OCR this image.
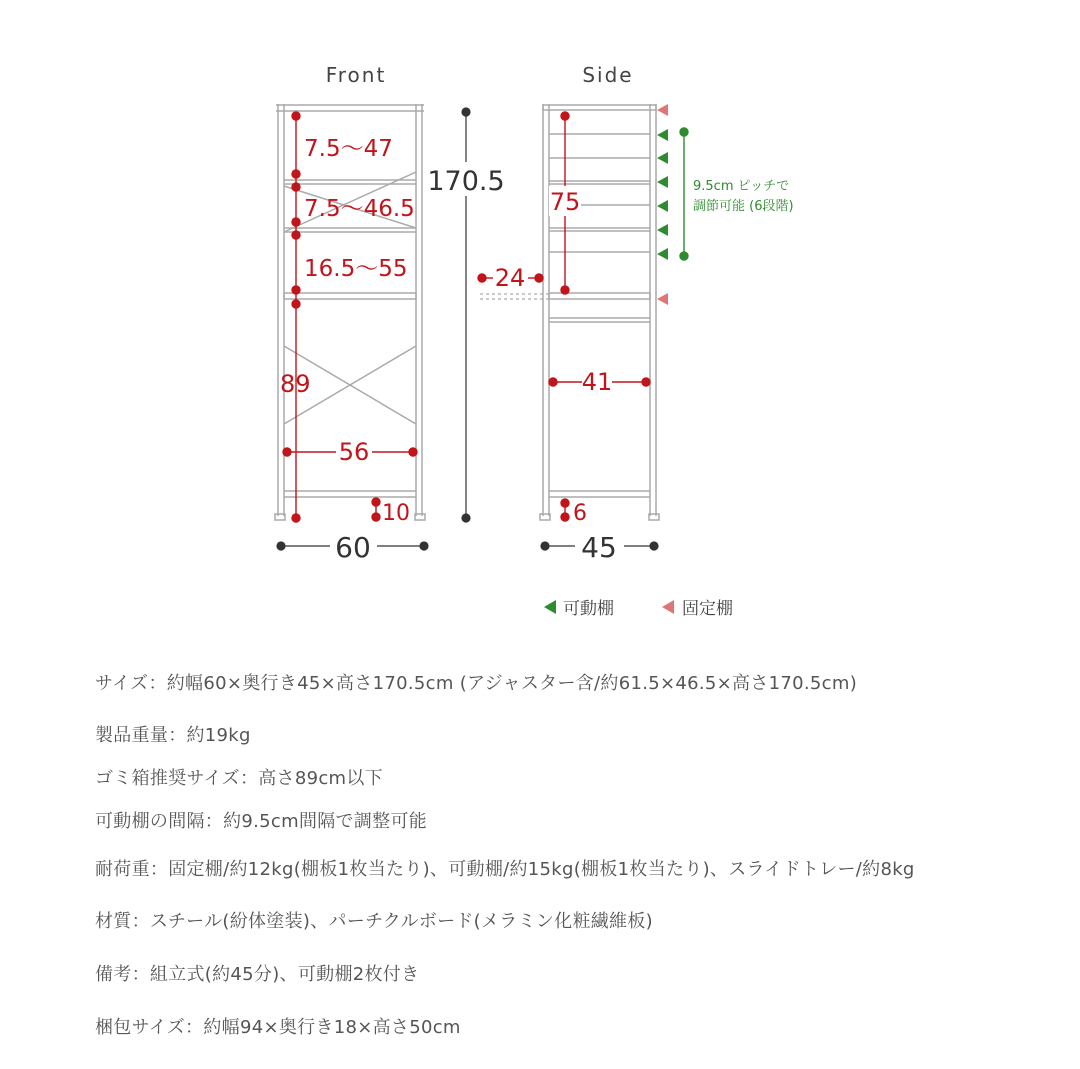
Front
7.5～47
7.5～46.5
16.5～55
89
56
10
170.5
60
Side
75
24
41
6
45
9.5cm ピッチで
調節可能 (6段階)
可動棚	固定棚
サイズ：約幅60×奥行き45×高さ170.5cm (アジャスター含/約61.5×46.5×高さ170.5cm)
製品重量：約19kg
ゴミ箱推奨サイズ：高さ89cm以下
可動棚の間隔：約9.5cm間隔で調整可能
耐荷重：固定棚/約12kg(棚板1枚当たり)、可動棚/約15kg(棚板1枚当たり)、スライドトレー/約8kg
材質：スチール(紛体塗装)、パーチクルボード(メラミン化粧繊維板)
備考：組立式(約45分)、可動棚2枚付き
梱包サイズ：約幅94×奥行き18×高さ50cm
